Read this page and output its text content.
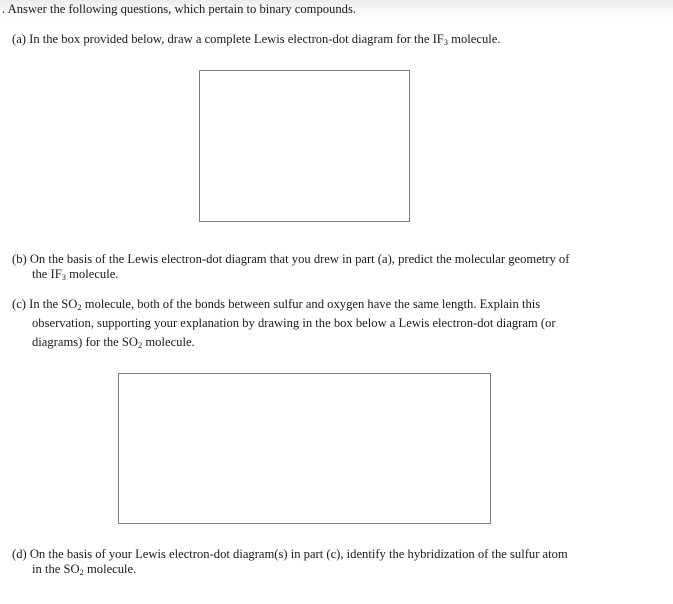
. Answer the following questions, which pertain to binary compounds.
(a) In the box provided below, draw a complete Lewis electron-dot diagram for the $IF_3$ molecule.
(b) On the basis of the Lewis electron-dot diagram that you drew in part (a), predict the molecular geometry of
the $IF_3$ molecule.
(c) In the $SO_2$ molecule, both of the bonds between sulfur and oxygen have the same length. Explain this
observation, supporting your explanation by drawing in the box below a Lewis electron-dot diagram (or
diagrams) for the $SO_2$ molecule.
(d) On the basis of your Lewis electron-dot diagram(s) in part (c), identify the hybridization of the sulfur atom
in the $SO_2$ molecule.
